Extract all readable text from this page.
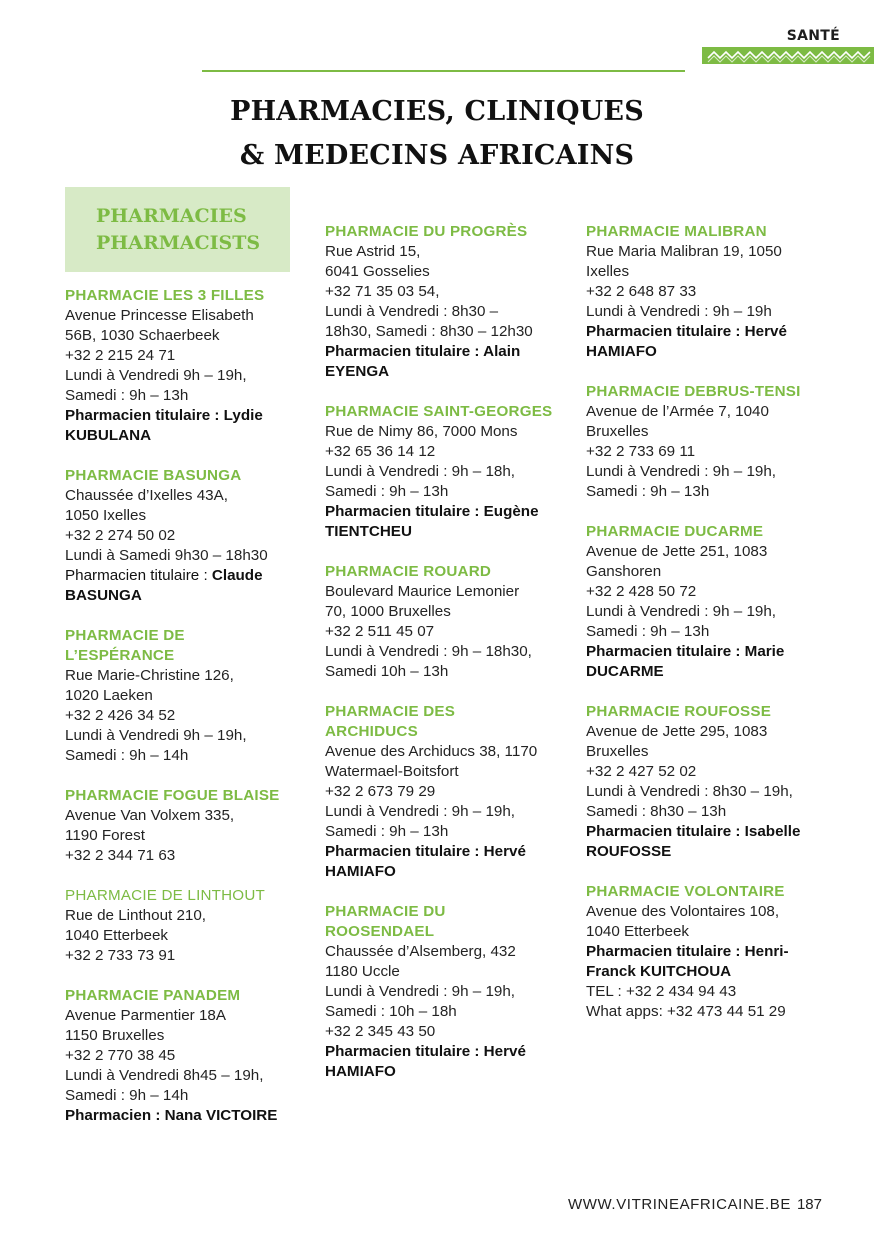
SANTÉ
PHARMACIES, CLINIQUES
& MEDECINS AFRICAINS
PHARMACIES
PHARMACISTS
PHARMACIE LES 3 FILLES
Avenue Princesse Elisabeth
56B, 1030 Schaerbeek
+32 2 215 24 71
Lundi à Vendredi 9h – 19h,
Samedi : 9h – 13h
Pharmacien titulaire : Lydie
KUBULANA
PHARMACIE BASUNGA
Chaussée d’Ixelles 43A,
1050 Ixelles
+32 2 274 50 02
Lundi à Samedi 9h30 – 18h30
Pharmacien titulaire : Claude
BASUNGA
PHARMACIE DE
L’ESPÉRANCE
Rue Marie-Christine 126,
1020 Laeken
+32 2 426 34 52
Lundi à Vendredi 9h – 19h,
Samedi : 9h – 14h
PHARMACIE FOGUE BLAISE
Avenue Van Volxem 335,
1190 Forest
+32 2 344 71 63
PHARMACIE DE LINTHOUT
Rue de Linthout 210,
1040 Etterbeek
+32 2 733 73 91
PHARMACIE PANADEM
Avenue Parmentier 18A
1150 Bruxelles
+32 2 770 38 45
Lundi à Vendredi 8h45 – 19h,
Samedi : 9h – 14h
Pharmacien : Nana VICTOIRE
PHARMACIE DU PROGRÈS
Rue Astrid 15,
6041 Gosselies
+32 71 35 03 54,
Lundi à Vendredi : 8h30 –
18h30, Samedi : 8h30 – 12h30
Pharmacien titulaire : Alain
EYENGA
PHARMACIE SAINT-GEORGES
Rue de Nimy 86, 7000 Mons
+32 65 36 14 12
Lundi à Vendredi : 9h – 18h,
Samedi : 9h – 13h
Pharmacien titulaire : Eugène
TIENTCHEU
PHARMACIE ROUARD
Boulevard Maurice Lemonier
70, 1000 Bruxelles
+32 2 511 45 07
Lundi à Vendredi : 9h – 18h30,
Samedi 10h – 13h
PHARMACIE DES
ARCHIDUCS
Avenue des Archiducs 38, 1170
Watermael-Boitsfort
+32 2 673 79 29
Lundi à Vendredi : 9h – 19h,
Samedi : 9h – 13h
Pharmacien titulaire : Hervé
HAMIAFO
PHARMACIE DU
ROOSENDAEL
Chaussée d’Alsemberg, 432
1180 Uccle
Lundi à Vendredi : 9h – 19h,
Samedi : 10h – 18h
+32 2 345 43 50
Pharmacien titulaire : Hervé
HAMIAFO
PHARMACIE MALIBRAN
Rue Maria Malibran 19, 1050
Ixelles
+32 2 648 87 33
Lundi à Vendredi : 9h – 19h
Pharmacien titulaire : Hervé
HAMIAFO
PHARMACIE DEBRUS-TENSI
Avenue de l’Armée 7, 1040
Bruxelles
+32 2 733 69 11
Lundi à Vendredi : 9h – 19h,
Samedi : 9h – 13h
PHARMACIE DUCARME
Avenue de Jette 251, 1083
Ganshoren
+32 2 428 50 72
Lundi à Vendredi : 9h – 19h,
Samedi : 9h – 13h
Pharmacien titulaire : Marie
DUCARME
PHARMACIE ROUFOSSE
Avenue de Jette 295, 1083
Bruxelles
+32 2 427 52 02
Lundi à Vendredi : 8h30 – 19h,
Samedi : 8h30 – 13h
Pharmacien titulaire : Isabelle
ROUFOSSE
PHARMACIE VOLONTAIRE
Avenue des Volontaires 108,
1040 Etterbeek
Pharmacien titulaire : Henri-
Franck KUITCHOUA
TEL : +32 2 434 94 43
What apps: +32 473 44 51 29
WWW.VITRINEAFRICAINE.BE 187
